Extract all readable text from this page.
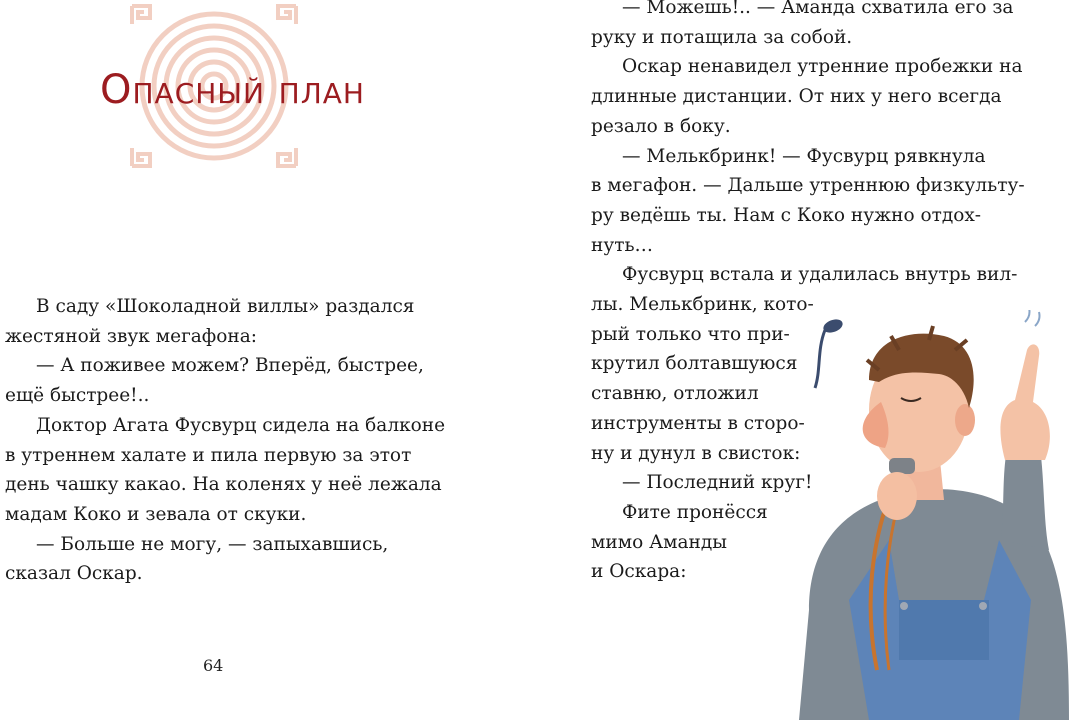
Опасный план
В саду «Шоколадной виллы» раздался
жестяной звук мегафона:
— А поживее можем? Вперёд, быстрее,
ещё быстрее!..
Доктор Агата Фусвурц сидела на балконе
в утреннем халате и пила первую за этот
день чашку какао. На коленях у неё лежала
мадам Коко и зевала от скуки.
— Больше не могу, — запыхавшись,
сказал Оскар.
64
— Можешь!.. — Аманда схватила его за
руку и потащила за собой.
Оскар ненавидел утренние пробежки на
длинные дистанции. От них у него всегда
резало в боку.
— Мелькбринк! — Фусвурц рявкнула
в мегафон. — Дальше утреннюю физкульту-
ру ведёшь ты. Нам с Коко нужно отдох-
нуть…
Фусвурц встала и удалилась внутрь вил-
лы. Мелькбринк, кото-
рый только что при-
крутил болтавшуюся
ставню, отложил
инструменты в сторо-
ну и дунул в свисток:
— Последний круг!
Фите пронёсся
мимо Аманды
и Оскара:
